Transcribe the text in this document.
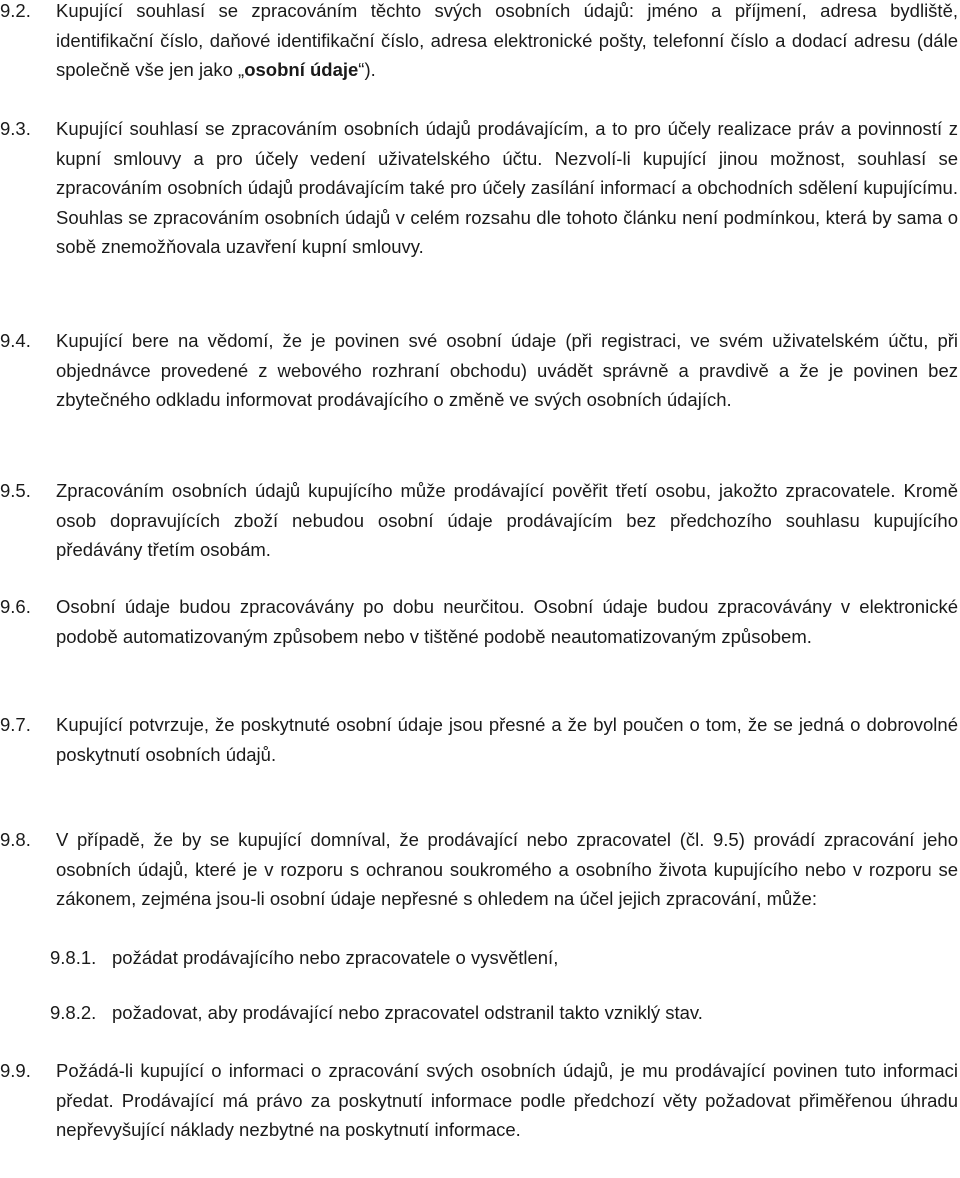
9.2.	Kupující souhlasí se zpracováním těchto svých osobních údajů: jméno a příjmení, adresa bydliště, identifikační číslo, daňové identifikační číslo, adresa elektronické pošty, telefonní číslo a dodací adresu (dále společně vše jen jako „osobní údaje“).
9.3.	Kupující souhlasí se zpracováním osobních údajů prodávajícím, a to pro účely realizace práv a povinností z kupní smlouvy a pro účely vedení uživatelského účtu. Nezvolí-li kupující jinou možnost, souhlasí se zpracováním osobních údajů prodávajícím také pro účely zasílání informací a obchodních sdělení kupujícímu. Souhlas se zpracováním osobních údajů v celém rozsahu dle tohoto článku není podmínkou, která by sama o sobě znemožňovala uzavření kupní smlouvy.
9.4.	Kupující bere na vědomí, že je povinen své osobní údaje (při registraci, ve svém uživatelském účtu, při objednávce provedené z webového rozhraní obchodu) uvádět správně a pravdivě a že je povinen bez zbytečného odkladu informovat prodávajícího o změně ve svých osobních údajích.
9.5.	Zpracováním osobních údajů kupujícího může prodávající pověřit třetí osobu, jakožto zpracovatele. Kromě osob dopravujících zboží nebudou osobní údaje prodávajícím bez předchozího souhlasu kupujícího předávány třetím osobám.
9.6.	Osobní údaje budou zpracovávány po dobu neurčitou. Osobní údaje budou zpracovávány v elektronické podobě automatizovaným způsobem nebo v tištěné podobě neautomatizovaným způsobem.
9.7.	Kupující potvrzuje, že poskytnuté osobní údaje jsou přesné a že byl poučen o tom, že se jedná o dobrovolné poskytnutí osobních údajů.
9.8.	V případě, že by se kupující domníval, že prodávající nebo zpracovatel (čl. 9.5) provádí zpracování jeho osobních údajů, které je v rozporu s ochranou soukromého a osobního života kupujícího nebo v rozporu se zákonem, zejména jsou-li osobní údaje nepřesné s ohledem na účel jejich zpracování, může:
9.8.1. požádat prodávajícího nebo zpracovatele o vysvětlení,
9.8.2. požadovat, aby prodávající nebo zpracovatel odstranil takto vzniklý stav.
9.9.	Požádá-li kupující o informaci o zpracování svých osobních údajů, je mu prodávající povinen tuto informaci předat. Prodávající má právo za poskytnutí informace podle předchozí věty požadovat přiměřenou úhradu nepřevyšující náklady nezbytné na poskytnutí informace.
